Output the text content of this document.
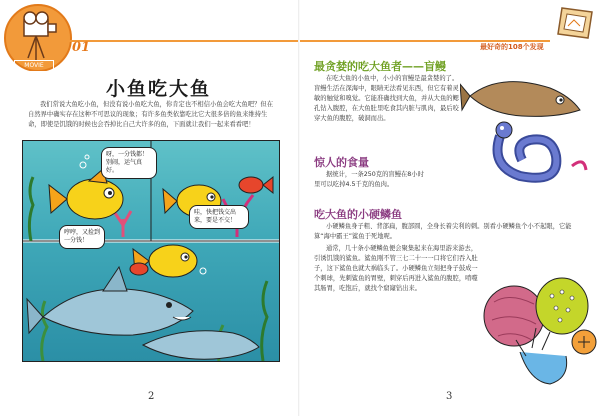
MOVIE CAMERA
01
小鱼吃大鱼
我们常说大鱼吃小鱼，但没有说小鱼吃大鱼，你肯定也不相信小鱼会吃大鱼吧？但在自然界中确实存在这种不可思议的现象；有许多鱼类依靠吃比它大很多倍的鱼来维持生命，即使是饥饿的时候也会吞掉比自己大许多的鱼，下面就让我们一起来看看吧！
呀，一分钱都！别闹，运气真好。
哼哼，又捡到一分钱！
哇，快把钱交出来，要是不交！
2
最好奇的108个发现
最贪婪的吃大鱼者——盲鳗
在吃大鱼的小鱼中，小小的盲鳗是最贪婪的了。盲鳗生活在深海中，眼睛无法看见东西，但它有着灵敏的触觉和嗅觉。它能准确找到大鱼，并从大鱼的鳃孔钻入腹腔，在大鱼肚里吃食其内脏与肌肉，最后咬穿大鱼的腹腔，破洞而出。
惊人的食量
据统计，一条250克的盲鳗在8小时里可以吃掉4.5千克的鱼肉。
吃大鱼的小硬鳞鱼
小硬鳞鱼身子粗、背部扁，腹部圆，全身长着尖利的刺。别看小硬鳞鱼个小不起眼，它能算“海中霸王”鲨鱼于死地呢。
通常，几十条小硬鳞鱼便会聚集起来在海里游来游去，引诱饥饿的鲨鱼。鲨鱼刚不管三七二十一一口将它们吞入肚子，这下鲨鱼也就大祸临头了。小硬鳞鱼立刻把身子鼓成一个刺球，先刺鲨鱼的胃壁，刺穿后再进入鲨鱼的腹腔，啃噬其肠胃，吃饱后，就找个窟窿钻出来。
3
